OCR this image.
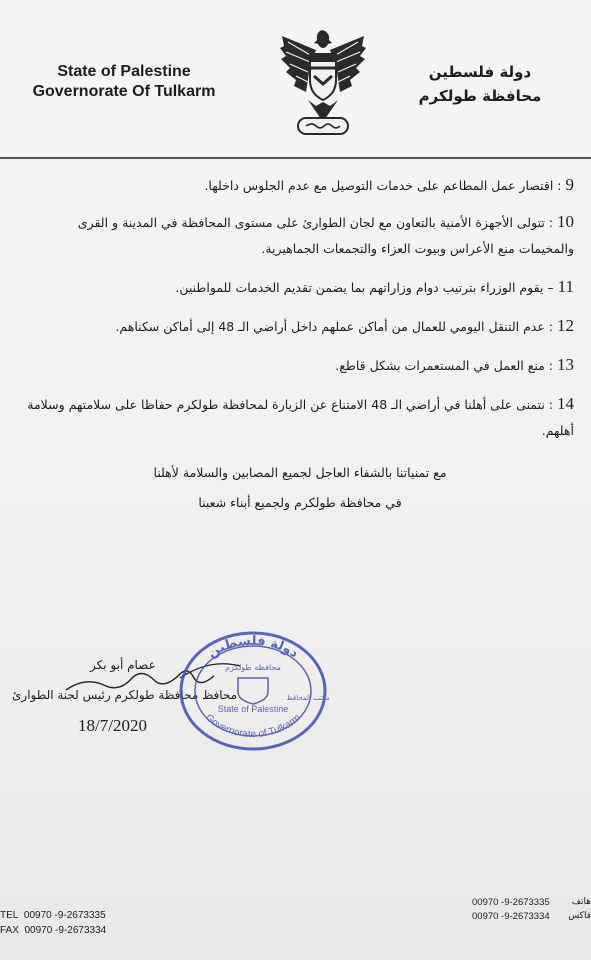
State of Palestine
Governorate Of Tulkarm
دولة فلسطين
محافظة طولكرم

9 : اقتصار عمل المطاعم على خدمات التوصيل مع عدم الجلوس داخلها.

10 : تتولى الأجهزة الأمنية بالتعاون مع لجان الطوارئ على مستوى المحافظة في المدينة و القرى والمخيمات منع الأعراس وبيوت العزاء والتجمعات الجماهيرية.

11 – يقوم الوزراء بترتيب دوام وزاراتهم بما يضمن تقديم الخدمات للمواطنين.

12 : عدم التنقل اليومي للعمال من أماكن عملهم داخل أراضي الـ 48 إلى أماكن سكناهم.

13 : منع العمل في المستعمرات بشكل قاطع.

14 : نتمنى على أهلنا في أراضي الـ 48 الامتناع عن الزيارة لمحافظة طولكرم حفاظا على سلامتهم وسلامة أهلهم.

مع تمنياتنا بالشفاء العاجل لجميع المصابين والسلامة لأهلنا
في محافظة طولكرم ولجميع أبناء شعبنا
عصام أبو بكر
محافظ محافظة طولكرم رئيس لجنة الطوارئ
18/7/2020
دولة فلسطين
Governorate of Tulkarm
محافظة طولكرم
State of Palestine
مكتب المحافظ
TEL 00970 -9-2673335
FAX 00970 -9-2673334
00970 -9-2673335 هاتف
00970 -9-2673334 فاكس
